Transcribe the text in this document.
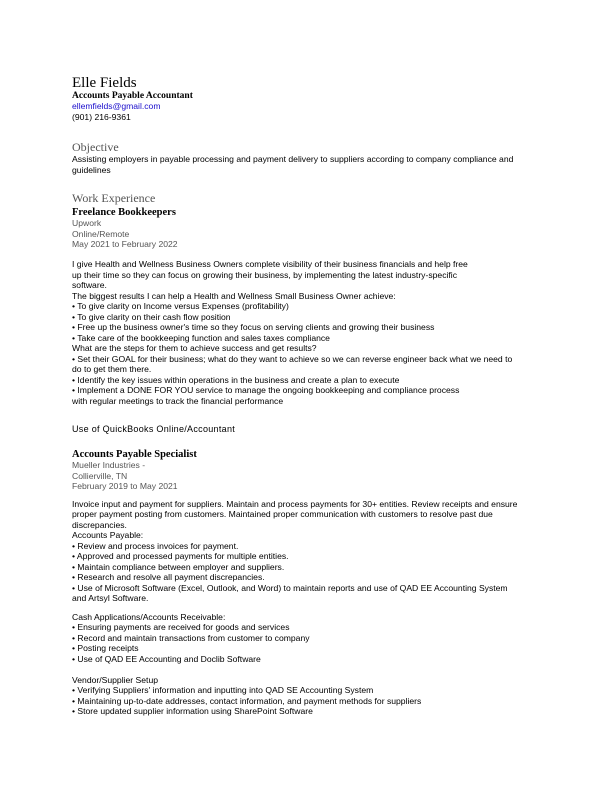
Elle Fields
Accounts Payable Accountant
ellemfields@gmail.com
(901) 216-9361
Objective
Assisting employers in payable processing and payment delivery to suppliers according to company compliance and
guidelines
Work Experience
Freelance Bookkeepers
Upwork
Online/Remote
May 2021 to February 2022
I give Health and Wellness Business Owners complete visibility of their business financials and help free
up their time so they can focus on growing their business, by implementing the latest industry-specific
software.
The biggest results I can help a Health and Wellness Small Business Owner achieve:
• To give clarity on Income versus Expenses (profitability)
• To give clarity on their cash flow position
• Free up the business owner's time so they focus on serving clients and growing their business
• Take care of the bookkeeping function and sales taxes compliance
What are the steps for them to achieve success and get results?
• Set their GOAL for their business; what do they want to achieve so we can reverse engineer back what we need to
do to get them there.
• Identify the key issues within operations in the business and create a plan to execute
• Implement a DONE FOR YOU service to manage the ongoing bookkeeping and compliance process
with regular meetings to track the financial performance
Use of QuickBooks Online/Accountant
Accounts Payable Specialist
Mueller Industries -
Collierville, TN
February 2019 to May 2021
Invoice input and payment for suppliers. Maintain and process payments for 30+ entities. Review receipts and ensure
proper payment posting from customers. Maintained proper communication with customers to resolve past due
discrepancies.
Accounts Payable:
• Review and process invoices for payment.
• Approved and processed payments for multiple entities.
• Maintain compliance between employer and suppliers.
• Research and resolve all payment discrepancies.
• Use of Microsoft Software (Excel, Outlook, and Word) to maintain reports and use of QAD EE Accounting System
and Artsyl Software.
Cash Applications/Accounts Receivable:
• Ensuring payments are received for goods and services
• Record and maintain transactions from customer to company
• Posting receipts
• Use of QAD EE Accounting and Doclib Software
Vendor/Supplier Setup
• Verifying Suppliers' information and inputting into QAD SE Accounting System
• Maintaining up-to-date addresses, contact information, and payment methods for suppliers
• Store updated supplier information using SharePoint Software
